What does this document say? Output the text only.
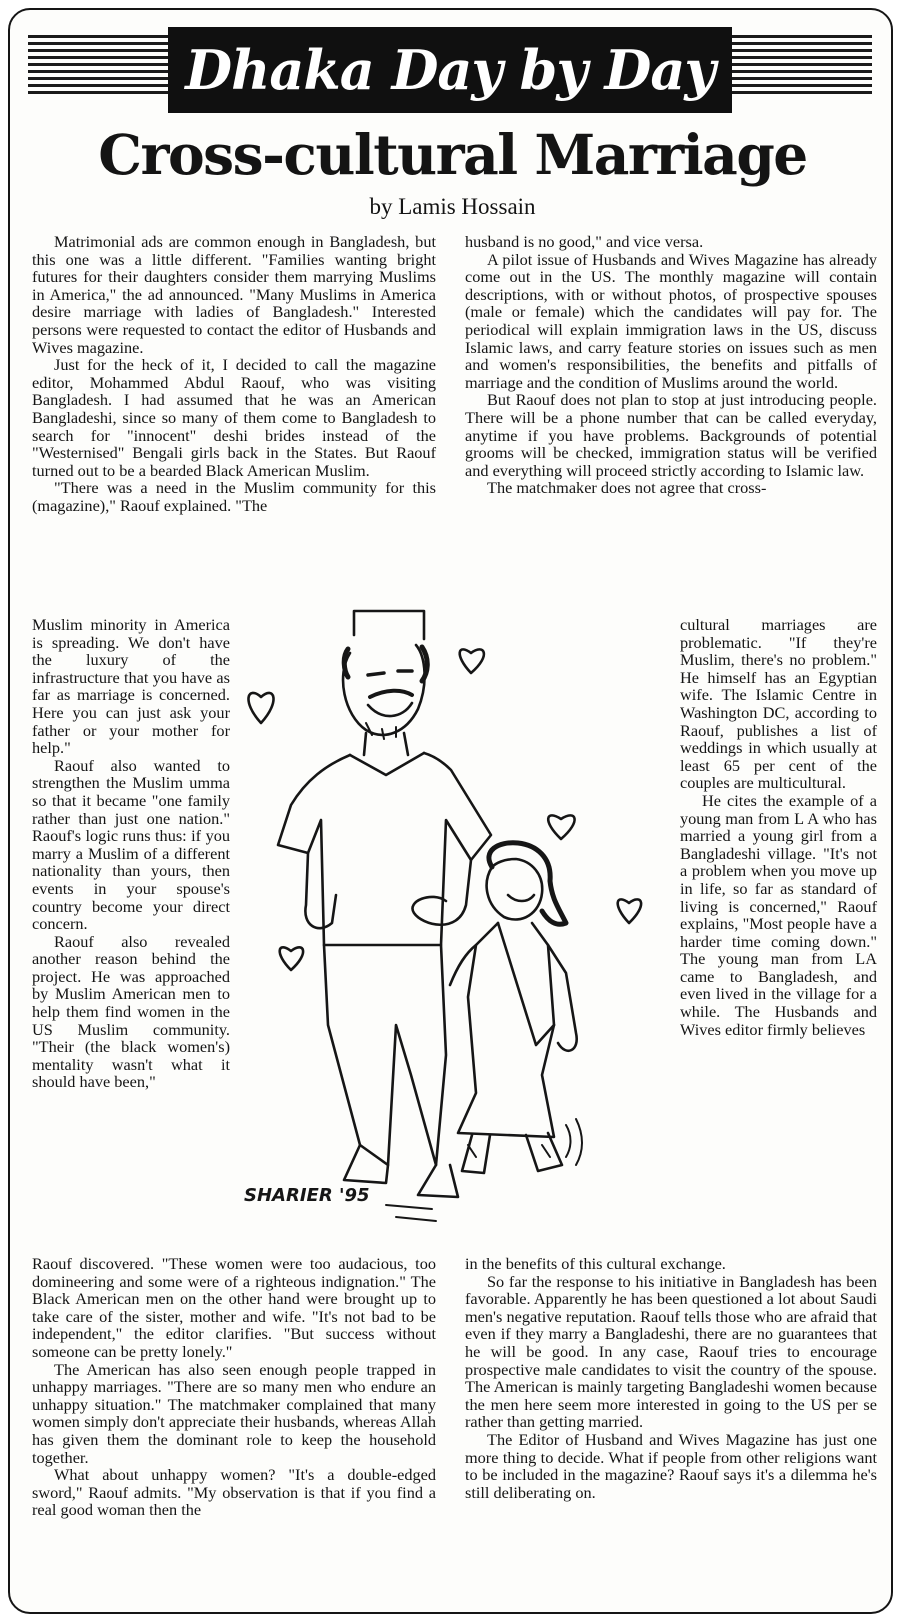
Dhaka Day by Day
Cross-cultural Marriage
by Lamis Hossain

Matrimonial ads are common enough in Bangladesh, but this one was a little different. "Families wanting bright futures for their daughters consider them marrying Muslims in America," the ad announced. "Many Muslims in America desire marriage with ladies of Bangladesh." Interested persons were requested to contact the editor of Husbands and Wives magazine.

Just for the heck of it, I decided to call the magazine editor, Mohammed Abdul Raouf, who was visiting Bangladesh. I had assumed that he was an American Bangladeshi, since so many of them come to Bangladesh to search for "innocent" deshi brides instead of the "Westernised" Bengali girls back in the States. But Raouf turned out to be a bearded Black American Muslim.

"There was a need in the Muslim community for this (magazine)," Raouf explained. "The

Muslim minority in America is spreading. We don't have the luxury of the infrastructure that you have as far as marriage is concerned. Here you can just ask your father or your mother for help."

Raouf also wanted to strengthen the Muslim umma so that it became "one family rather than just one nation." Raouf's logic runs thus: if you marry a Muslim of a different nationality than yours, then events in your spouse's country become your direct concern.

Raouf also revealed another reason behind the project. He was approached by Muslim American men to help them find women in the US Muslim community. "Their (the black women's) mentality wasn't what it should have been,"

Raouf discovered. "These women were too audacious, too domineering and some were of a righteous indignation." The Black American men on the other hand were brought up to take care of the sister, mother and wife. "It's not bad to be independent," the editor clarifies. "But success without someone can be pretty lonely."

The American has also seen enough people trapped in unhappy marriages. "There are so many men who endure an unhappy situation." The matchmaker complained that many women simply don't appreciate their husbands, whereas Allah has given them the dominant role to keep the household together.

What about unhappy women? "It's a double-edged sword," Raouf admits. "My observation is that if you find a real good woman then the

husband is no good," and vice versa.

A pilot issue of Husbands and Wives Magazine has already come out in the US. The monthly magazine will contain descriptions, with or without photos, of prospective spouses (male or female) which the candidates will pay for. The periodical will explain immigration laws in the US, discuss Islamic laws, and carry feature stories on issues such as men and women's responsibilities, the benefits and pitfalls of marriage and the condition of Muslims around the world.

But Raouf does not plan to stop at just introducing people. There will be a phone number that can be called everyday, anytime if you have problems. Backgrounds of potential grooms will be checked, immigration status will be verified and everything will proceed strictly according to Islamic law.

The matchmaker does not agree that cross-

cultural marriages are problematic. "If they're Muslim, there's no problem." He himself has an Egyptian wife. The Islamic Centre in Washington DC, according to Raouf, publishes a list of weddings in which usually at least 65 per cent of the couples are multicultural.

He cites the example of a young man from L A who has married a young girl from a Bangladeshi village. "It's not a problem when you move up in life, so far as standard of living is concerned," Raouf explains, "Most people have a harder time coming down." The young man from LA came to Bangladesh, and even lived in the village for a while. The Husbands and Wives editor firmly believes

in the benefits of this cultural exchange.

So far the response to his initiative in Bangladesh has been favorable. Apparently he has been questioned a lot about Saudi men's negative reputation. Raouf tells those who are afraid that even if they marry a Bangladeshi, there are no guarantees that he will be good. In any case, Raouf tries to encourage prospective male candidates to visit the country of the spouse. The American is mainly targeting Bangladeshi women because the men here seem more interested in going to the US per se rather than getting married.

The Editor of Husband and Wives Magazine has just one more thing to decide. What if people from other religions want to be included in the magazine? Raouf says it's a dilemma he's still deliberating on.

SHARIER '95
